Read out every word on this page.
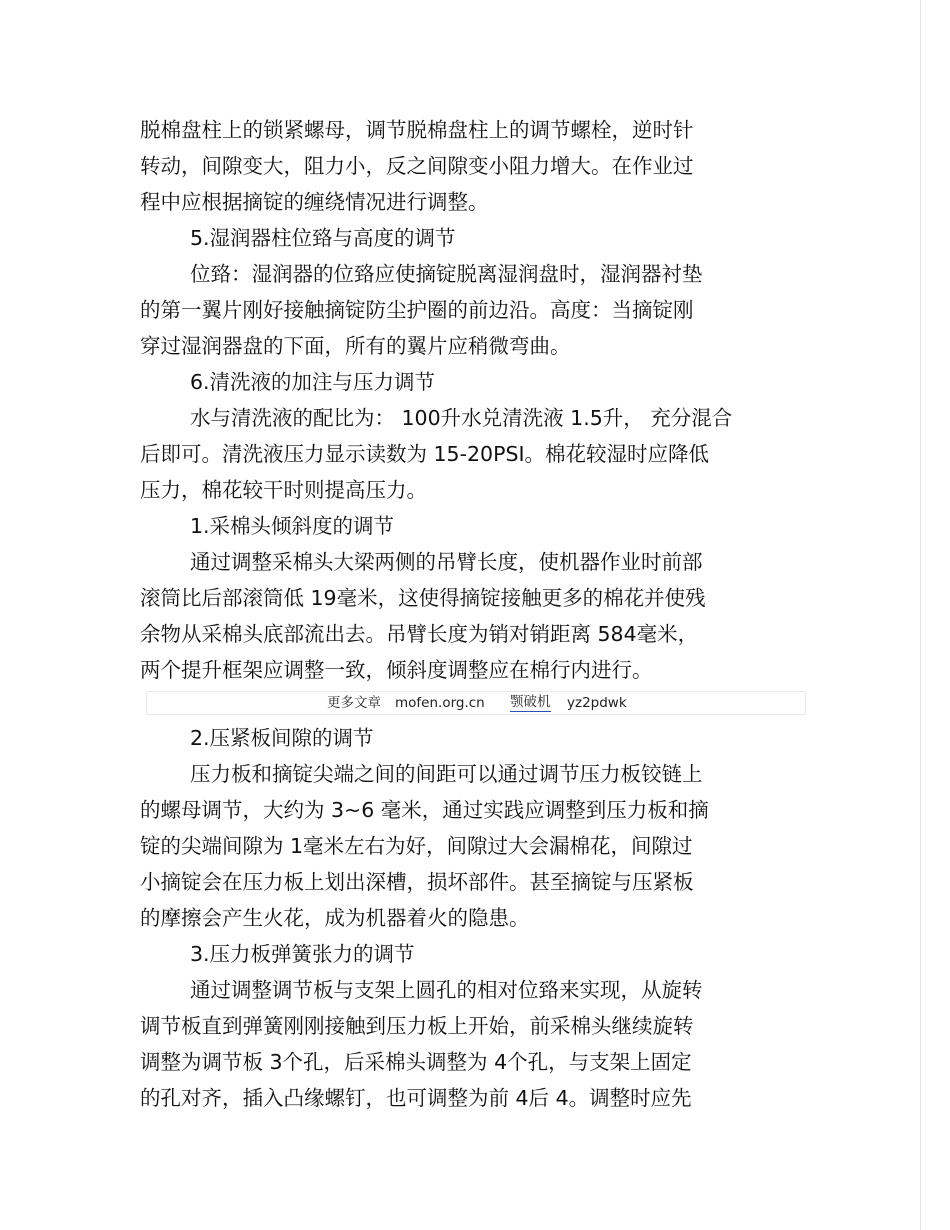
脱棉盘柱上的锁紧螺母，调节脱棉盘柱上的调节螺栓，逆时针
转动，间隙变大，阻力小，反之间隙变小阻力增大。在作业过
程中应根据摘锭的缠绕情况进行调整。
5.湿润器柱位臵与高度的调节
位臵：湿润器的位臵应使摘锭脱离湿润盘时，湿润器衬垫
的第一翼片刚好接触摘锭防尘护圈的前边沿。高度：当摘锭刚
穿过湿润器盘的下面，所有的翼片应稍微弯曲。
6.清洗液的加注与压力调节
水与清洗液的配比为： 100升水兑清洗液 1.5升， 充分混合
后即可。清洗液压力显示读数为 15-20PSI。棉花较湿时应降低
压力，棉花较干时则提高压力。
1.采棉头倾斜度的调节
通过调整采棉头大梁两侧的吊臂长度，使机器作业时前部
滚筒比后部滚筒低 19毫米，这使得摘锭接触更多的棉花并使残
余物从采棉头底部流出去。吊臂长度为销对销距离 584毫米，
两个提升框架应调整一致，倾斜度调整应在棉行内进行。
更多文章 mofen.org.cn 颚破机 yz2pdwk
2.压紧板间隙的调节
压力板和摘锭尖端之间的间距可以通过调节压力板铰链上
的螺母调节，大约为 3~6 毫米，通过实践应调整到压力板和摘
锭的尖端间隙为 1毫米左右为好，间隙过大会漏棉花，间隙过
小摘锭会在压力板上划出深槽，损坏部件。甚至摘锭与压紧板
的摩擦会产生火花，成为机器着火的隐患。
3.压力板弹簧张力的调节
通过调整调节板与支架上圆孔的相对位臵来实现，从旋转
调节板直到弹簧刚刚接触到压力板上开始，前采棉头继续旋转
调整为调节板 3个孔，后采棉头调整为 4个孔，与支架上固定
的孔对齐，插入凸缘螺钉，也可调整为前 4后 4。调整时应先
